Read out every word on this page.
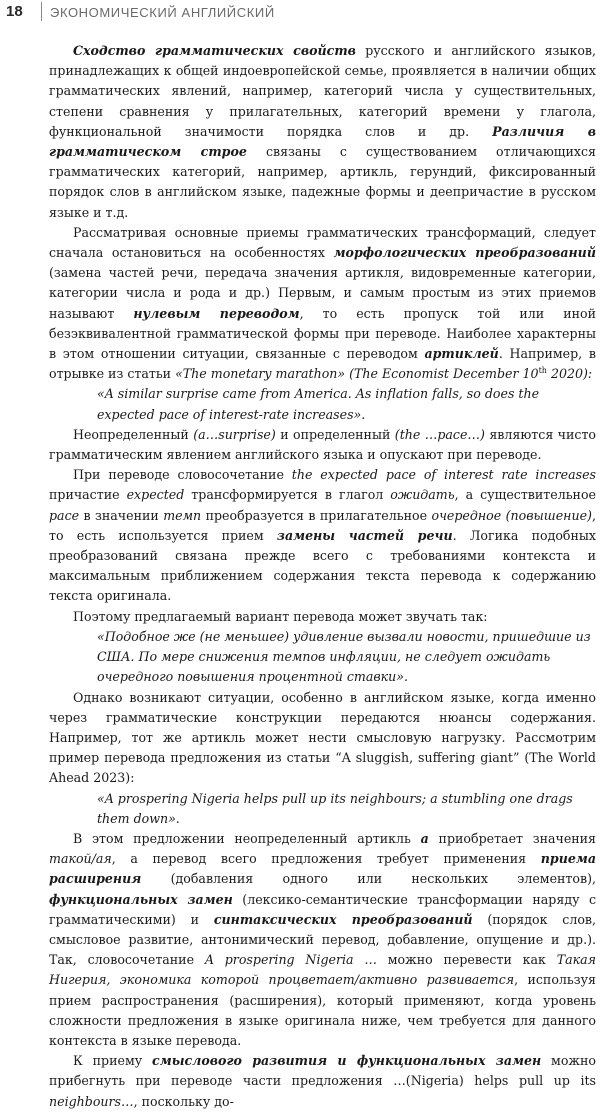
18 ЭКОНОМИЧЕСКИЙ АНГЛИЙСКИЙ

Сходство грамматических свойств русского и английского языков, принадлежащих к общей индоевропейской семье, проявляется в наличии общих грамматических явлений, например, категорий числа у существительных, степени сравнения у прилагательных, категорий времени у глагола, функциональной значимости порядка слов и др. Различия в грамматическом строе связаны с существованием отличающихся грамматических категорий, например, артикль, герундий, фиксированный порядок слов в английском языке, падежные формы и деепричастие в русском языке и т.д.

Рассматривая основные приемы грамматических трансформаций, следует сначала остановиться на особенностях морфологических преобразований (замена частей речи, передача значения артикля, видовременные категории, категории числа и рода и др.) Первым, и самым простым из этих приемов называют нулевым переводом, то есть пропуск той или иной безэквивалентной грамматической формы при переводе. Наиболее характерны в этом отношении ситуации, связанные с переводом артиклей. Например, в отрывке из статьи «The monetary marathon» (The Economist December 10th 2020):

«A similar surprise came from America. As inflation falls, so does the expected pace of interest-rate increases».

Неопределенный (a…surprise) и определенный (the …pace…) являются чисто грамматическим явлением английского языка и опускают при переводе.

При переводе словосочетание the expected pace of interest rate increases причастие expected трансформируется в глагол ожидать, а существительное pace в значении темп преобразуется в прилагательное очередное (повышение), то есть используется прием замены частей речи. Логика подобных преобразований связана прежде всего с требованиями контекста и максимальным приближением содержания текста перевода к содержанию текста оригинала.

Поэтому предлагаемый вариант перевода может звучать так:

«Подобное же (не меньшее) удивление вызвали новости, пришедшие из США. По мере снижения темпов инфляции, не следует ожидать очередного повышения процентной ставки».

Однако возникают ситуации, особенно в английском языке, когда именно через грамматические конструкции передаются нюансы содержания. Например, тот же артикль может нести смысловую нагрузку. Рассмотрим пример перевода предложения из статьи “A sluggish, suffering giant” (The World Ahead 2023):

«A prospering Nigeria helps pull up its neighbours; a stumbling one drags them down».

В этом предложении неопределенный артикль a приобретает значения такой/ая, а перевод всего предложения требует применения приема расширения (добавления одного или нескольких элементов), функциональных замен (лексико-семантические трансформации наряду с грамматическими) и синтаксических преобразований (порядок слов, смысловое развитие, антонимический перевод, добавление, опущение и др.). Так, словосочетание A prospering Nigeria … можно перевести как Такая Нигерия, экономика которой процветает/активно развивается, используя прием распространения (расширения), который применяют, когда уровень сложности предложения в языке оригинала ниже, чем требуется для данного контекста в языке перевода.

К приему смыслового развития и функциональных замен можно прибегнуть при переводе части предложения …(Nigeria) helps pull up its neighbours…, поскольку до-
